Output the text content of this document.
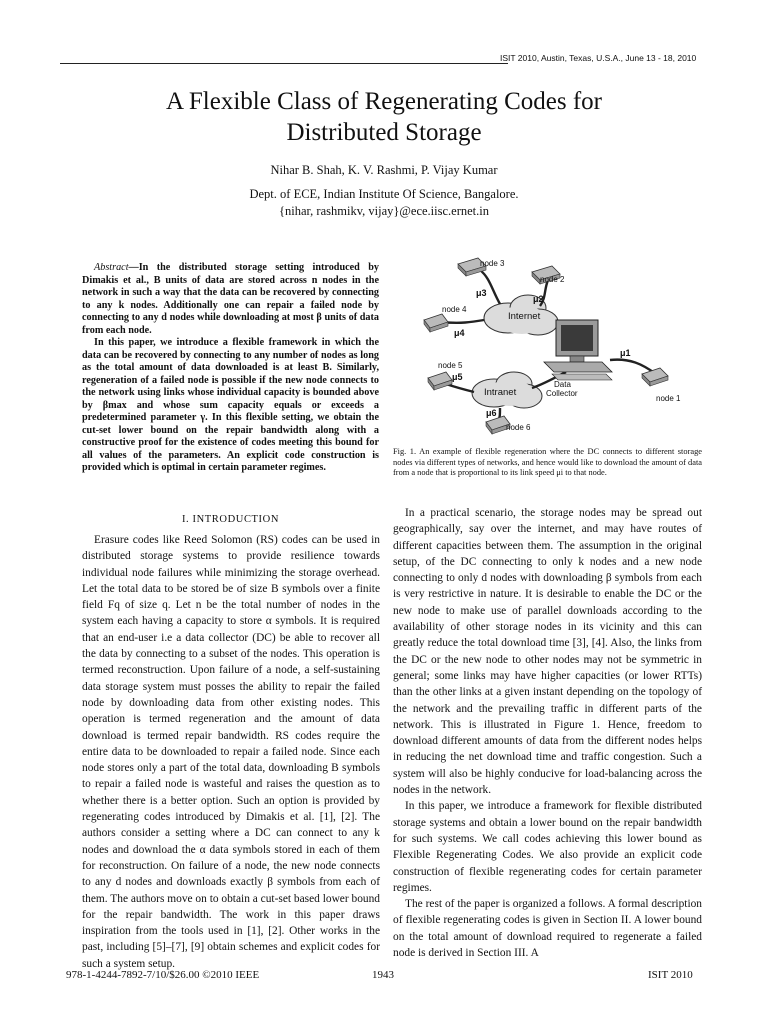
ISIT 2010, Austin, Texas, U.S.A., June 13 - 18, 2010
A Flexible Class of Regenerating Codes for
Distributed Storage
Nihar B. Shah, K. V. Rashmi, P. Vijay Kumar
Dept. of ECE, Indian Institute Of Science, Bangalore.
{nihar, rashmikv, vijay}@ece.iisc.ernet.in

Abstract—In the distributed storage setting introduced by Dimakis et al., B units of data are stored across n nodes in the network in such a way that the data can be recovered by connecting to any k nodes. Additionally one can repair a failed node by connecting to any d nodes while downloading at most β units of data from each node.

In this paper, we introduce a flexible framework in which the data can be recovered by connecting to any number of nodes as long as the total amount of data downloaded is at least B. Similarly, regeneration of a failed node is possible if the new node connects to the network using links whose individual capacity is bounded above by βmax and whose sum capacity equals or exceeds a predetermined parameter γ. In this flexible setting, we obtain the cut-set lower bound on the repair bandwidth along with a constructive proof for the existence of codes meeting this bound for all values of the parameters. An explicit code construction is provided which is optimal in certain parameter regimes.

I. INTRODUCTION

Erasure codes like Reed Solomon (RS) codes can be used in distributed storage systems to provide resilience towards individual node failures while minimizing the storage overhead. Let the total data to be stored be of size B symbols over a finite field Fq of size q. Let n be the total number of nodes in the system each having a capacity to store α symbols. It is required that an end-user i.e a data collector (DC) be able to recover all the data by connecting to a subset of the nodes. This operation is termed reconstruction. Upon failure of a node, a self-sustaining data storage system must posses the ability to repair the failed node by downloading data from other existing nodes. This operation is termed regeneration and the amount of data download is termed repair bandwidth. RS codes require the entire data to be downloaded to repair a failed node. Since each node stores only a part of the total data, downloading B symbols to repair a failed node is wasteful and raises the question as to whether there is a better option. Such an option is provided by regenerating codes introduced by Dimakis et al. [1], [2]. The authors consider a setting where a DC can connect to any k nodes and download the α data symbols stored in each of them for reconstruction. On failure of a node, the new node connects to any d nodes and downloads exactly β symbols from each of them. The authors move on to obtain a cut-set based lower bound for the repair bandwidth. The work in this paper draws inspiration from the tools used in [1], [2]. Other works in the past, including [5]–[7], [9] obtain schemes and explicit codes for such a system setup.

Internet
Intranet
node 3
node 2
node 4
node 5
node 6
node 1
Data
Collector
μ3
μ2
μ4
μ1
μ5
μ6
Fig. 1. An example of flexible regeneration where the DC connects to different storage nodes via different types of networks, and hence would like to download the amount of data from a node that is proportional to its link speed μi to that node.

In a practical scenario, the storage nodes may be spread out geographically, say over the internet, and may have routes of different capacities between them. The assumption in the original setup, of the DC connecting to only k nodes and a new node connecting to only d nodes with downloading β symbols from each is very restrictive in nature. It is desirable to enable the DC or the new node to make use of parallel downloads according to the availability of other storage nodes in its vicinity and this can greatly reduce the total download time [3], [4]. Also, the links from the DC or the new node to other nodes may not be symmetric in general; some links may have higher capacities (or lower RTTs) than the other links at a given instant depending on the topology of the network and the prevailing traffic in different parts of the network. This is illustrated in Figure 1. Hence, freedom to download different amounts of data from the different nodes helps in reducing the net download time and traffic congestion. Such a system will also be highly conducive for load-balancing across the nodes in the network.

In this paper, we introduce a framework for flexible distributed storage systems and obtain a lower bound on the repair bandwidth for such systems. We call codes achieving this lower bound as Flexible Regenerating Codes. We also provide an explicit code construction of flexible regenerating codes for certain parameter regimes.

The rest of the paper is organized a follows. A formal description of flexible regenerating codes is given in Section II. A lower bound on the total amount of download required to regenerate a failed node is derived in Section III. A

978-1-4244-7892-7/10/$26.00 ©2010 IEEE	1943	ISIT 2010
